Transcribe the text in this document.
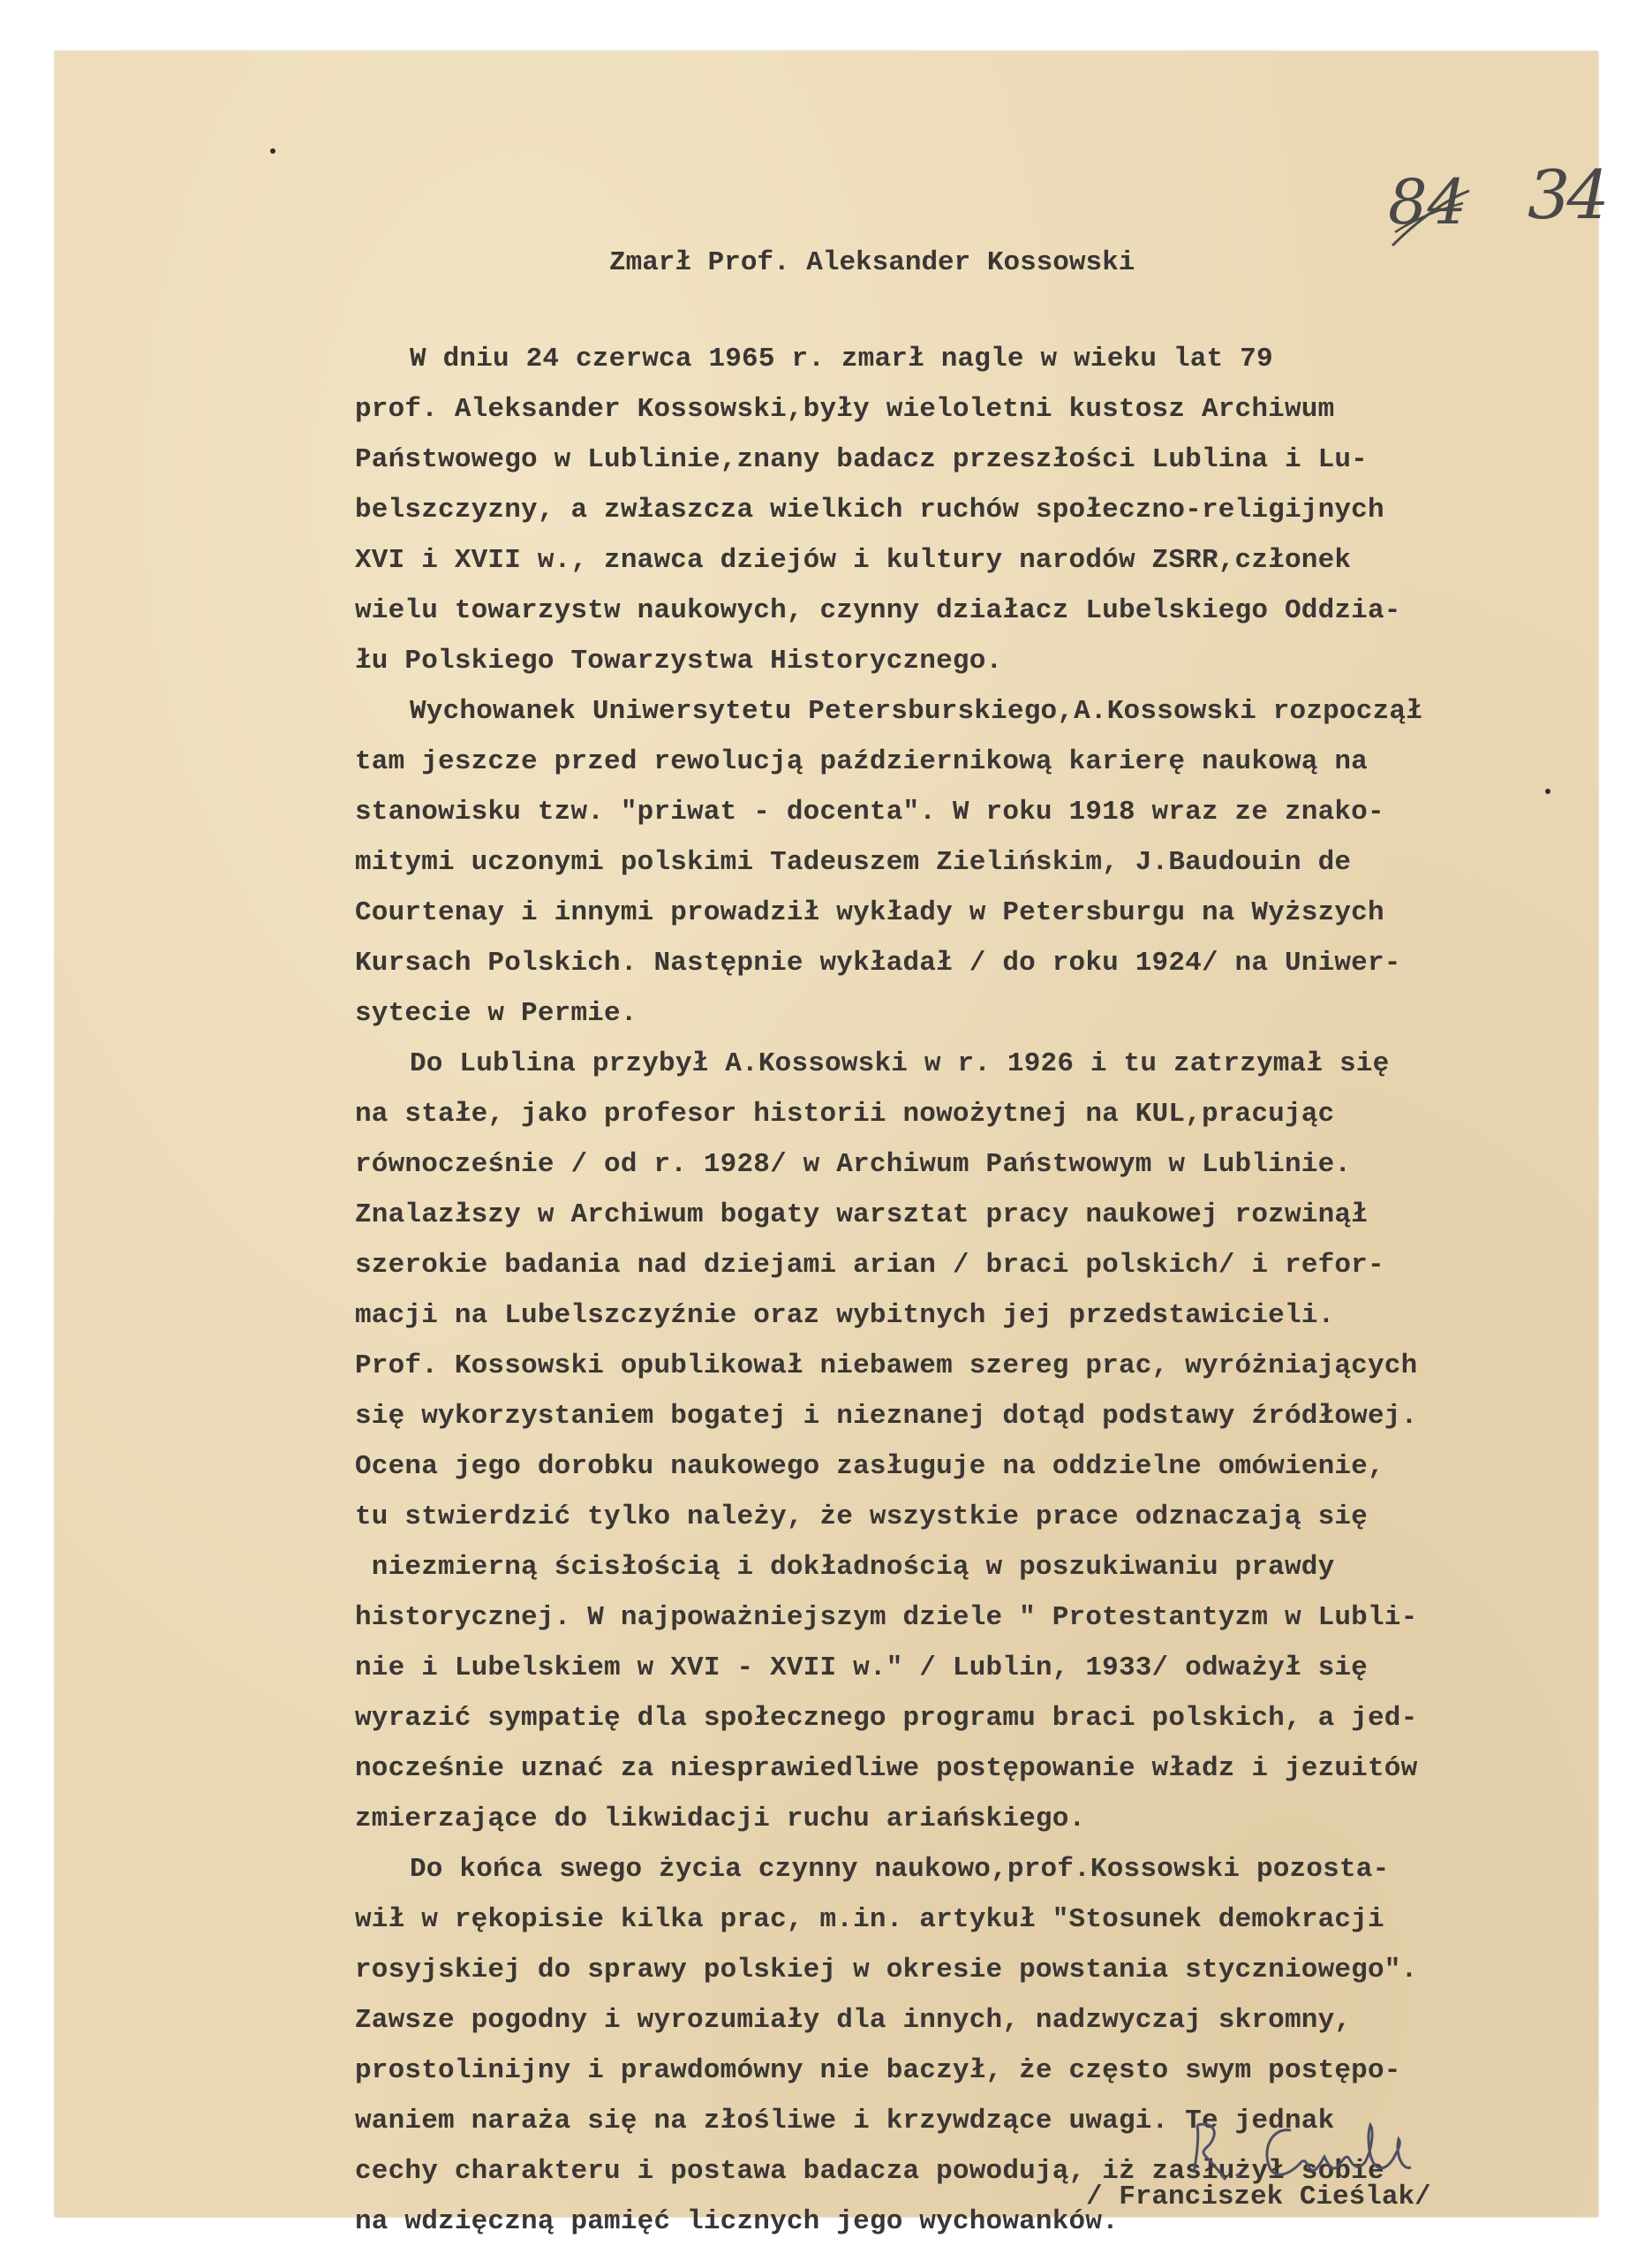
84 34
Zmarł Prof. Aleksander Kossowski
W dniu 24 czerwca 1965 r. zmarł nagle w wieku lat 79
prof. Aleksander Kossowski,były wieloletni kustosz Archiwum
Państwowego w Lublinie,znany badacz przeszłości Lublina i Lu-
belszczyzny, a zwłaszcza wielkich ruchów społeczno-religijnych
XVI i XVII w., znawca dziejów i kultury narodów ZSRR,członek
wielu towarzystw naukowych, czynny działacz Lubelskiego Oddzia-
łu Polskiego Towarzystwa Historycznego.
Wychowanek Uniwersytetu Petersburskiego,A.Kossowski rozpoczął
tam jeszcze przed rewolucją październikową karierę naukową na
stanowisku tzw. "priwat - docenta". W roku 1918 wraz ze znako-
mitymi uczonymi polskimi Tadeuszem Zielińskim, J.Baudouin de
Courtenay i innymi prowadził wykłady w Petersburgu na Wyższych
Kursach Polskich. Następnie wykładał / do roku 1924/ na Uniwer-
sytecie w Permie.
Do Lublina przybył A.Kossowski w r. 1926 i tu zatrzymał się
na stałe, jako profesor historii nowożytnej na KUL,pracując
równocześnie / od r. 1928/ w Archiwum Państwowym w Lublinie.
Znalazłszy w Archiwum bogaty warsztat pracy naukowej rozwinął
szerokie badania nad dziejami arian / braci polskich/ i refor-
macji na Lubelszczyźnie oraz wybitnych jej przedstawicieli.
Prof. Kossowski opublikował niebawem szereg prac, wyróżniających
się wykorzystaniem bogatej i nieznanej dotąd podstawy źródłowej.
Ocena jego dorobku naukowego zasługuje na oddzielne omówienie,
tu stwierdzić tylko należy, że wszystkie prace odznaczają się
niezmierną ścisłością i dokładnością w poszukiwaniu prawdy
historycznej. W najpoważniejszym dziele " Protestantyzm w Lubli-
nie i Lubelskiem w XVI - XVII w." / Lublin, 1933/ odważył się
wyrazić sympatię dla społecznego programu braci polskich, a jed-
nocześnie uznać za niesprawiedliwe postępowanie władz i jezuitów
zmierzające do likwidacji ruchu ariańskiego.
Do końca swego życia czynny naukowo,prof.Kossowski pozosta-
wił w rękopisie kilka prac, m.in. artykuł "Stosunek demokracji
rosyjskiej do sprawy polskiej w okresie powstania styczniowego".
Zawsze pogodny i wyrozumiały dla innych, nadzwyczaj skromny,
prostolinijny i prawdomówny nie baczył, że często swym postępo-
waniem naraża się na złośliwe i krzywdzące uwagi. Te jednak
cechy charakteru i postawa badacza powodują, iż zasłużył sobie
na wdzięczną pamięć licznych jego wychowanków.
/ Franciszek Cieślak/
